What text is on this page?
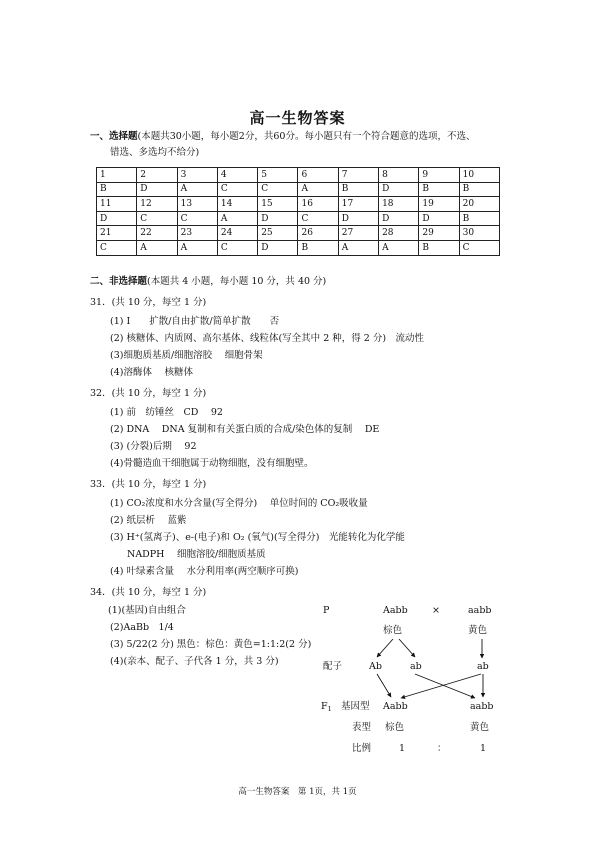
高一生物答案
一、选择题(本题共30小题，每小题2分，共60分。每小题只有一个符合题意的选项，不选、
错选、多选均不给分)
1	2	3	4	5	6	7	8	9	10
B	D	A	C	C	A	B	D	B	B
11	12	13	14	15	16	17	18	19	20
D	C	C	A	D	C	D	D	D	B
21	22	23	24	25	26	27	28	29	30
C	A	A	C	D	B	A	A	B	C
二、非选择题(本题共 4 小题，每小题 10 分，共 40 分)
31．(共 10 分，每空 1 分)
(1) Ⅰ　　扩散/自由扩散/简单扩散　　否
(2) 核糖体、内质网、高尔基体、线粒体(写全其中 2 种，得 2 分)　流动性
(3)细胞质基质/细胞溶胶　 细胞骨架
(4)溶酶体　 核糖体
32．(共 10 分，每空 1 分)
(1) 前　纺锤丝　CD　 92
(2) DNA　 DNA 复制和有关蛋白质的合成/染色体的复制　 DE
(3) (分裂)后期　 92
(4)骨髓造血干细胞属于动物细胞，没有细胞壁。
33．(共 10 分，每空 1 分)
(1) CO₂浓度和水分含量(写全得分)　 单位时间的 CO₂吸收量
(2) 纸层析　 蓝紫
(3) H⁺(氢离子)、e-(电子)和 O₂ (氧气)(写全得分)　光能转化为化学能
NADPH　 细胞溶胶/细胞质基质
(4) 叶绿素含量　 水分利用率(两空顺序可换)
34．(共 10 分，每空 1 分)
(1)(基因)自由组合
(2)AaBb　1/4
(3) 5/22(2 分) 黑色：棕色：黄色=1:1:2(2 分)
(4)(亲本、配子、子代各 1 分，共 3 分)
P	Aabb	×	aabb
棕色	黄色
配子	Ab	ab	ab
$F_1$ 基因型 Aabb	aabb
表型 棕色	黄色
比例	1	：	1
高一生物答案　第 1页，共 1页
